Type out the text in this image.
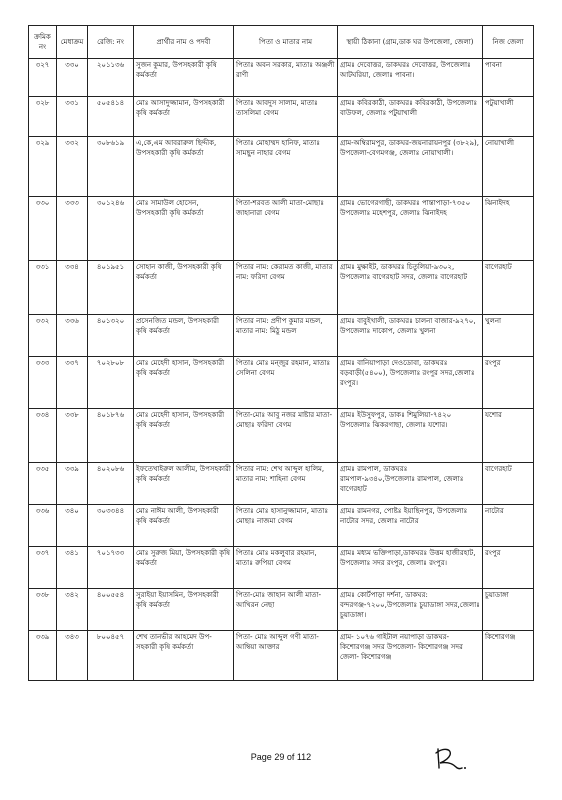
ক্রমিক নং	মেধাক্রম	রেজি: নং	প্রার্থীর নাম ও পদবী	পিতা ও মাতার নাম	স্থায়ী ঠিকানা (গ্রাম,ডাক ঘর উপজেলা, জেলা)	নিজ জেলা
৩২৭	৩৩০	২০১১৩৬	সুজন কুমার, উপসহকারী কৃষি কর্মকর্তা	পিতাঃ অবন সরকার, মাতাঃ অঞ্জলী রাণী	গ্রামঃ দেবোত্তর, ডাকঘরঃ দেবোত্তর, উপজেলাঃ আটঘরিয়া, জেলাঃ পাবনা।	পাবনা
৩২৮	৩৩১	৫০৫৪১৪	মোঃ আসাদুজ্জামান, উপসহকারী কৃষি কর্মকর্তা	পিতাঃ আবদুস সালাম, মাতাঃ তাসলিমা বেগম	গ্রামঃ কবিরকাঠী, ডাকঘরঃ কবিরকাঠী, উপজেলাঃ বাউফল, জেলাঃ পটুয়াখালী	পটুয়াখালী
৩২৯	৩৩২	৩০৮৬১৯	এ,কে,এম আবরারুল ছিদ্দীক, উপসহকারী কৃষি কর্মকর্তা	পিতাঃ মোহাম্মদ হানিফ, মাতাঃ সামছুন নাহার বেগম	গ্রাম-অম্বিরামপুর, ডাকঘর-জয়নারায়নপুর (৩৮২৯), উপজেলা-বেগমগঞ্জ, জেলাঃ নোয়াখালী।	নোয়াখালী
৩৩০	৩৩৩	৩০১২৪৬	মোঃ সামাউল হোসেন, উপসহকারী কৃষি কর্মকর্তা	পিতা-শরবত আলী মাতা-মোছাঃ জাহানারা বেগম	গ্রামঃ ভোগেরগাছী, ডাকঘরঃ পান্তাপাড়া-৭৩৫০ উপজেলাঃ মহেশপুর, জেলাঃ ঝিনাইদহ	ঝিনাইদহ
৩৩১	৩৩৪	৪০১৯৫১	সোহান কাজী, উপসহকারী কৃষি কর্মকর্তা	পিতার নাম: কেরামত কাজী, মাতার নাম: ফরিদা বেগম	গ্রামঃ মুক্ষাইট, ডাকঘরঃ চিতুলিয়া-৯৩০২, উপজেলাঃ বাগেরহাট সদর, জেলাঃ বাগেরহাট	বাগেরহাট
৩৩২	৩৩৬	৪০১৩২০	প্রসেনজিত মন্ডল, উপসহকারী কৃষি কর্মকর্তা	পিতার নাম: প্রদীপ কুমার মন্ডল, মাতার নাম: মিঠু মন্ডল	গ্রামঃ বাবুইখালী, ডাকঘরঃ চালনা বাজার-৯২৭০, উপজেলাঃ দাকোপ, জেলাঃ খুলনা	খুলনা
৩৩৩	৩৩৭	৭০২৮০৮	মোঃ মেহেদী হাসান, উপসহকারী কৃষি কর্মকর্তা	পিতাঃ মোঃ মন্জুর রহমান, মাতাঃ সেলিনা বেগম	গ্রামঃ বানিয়াপাড়া দেওডোবা, ডাকঘরঃ বড়বাড়ী(৫৪০০), উপজেলাঃ রংপুর সদর,জেলাঃ রংপুর।	রংপুর
৩৩৪	৩৩৮	৪০১৮৭৬	মোঃ মেহেদী হাসান, উপসহকারী কৃষি কর্মকর্তা	পিতা-মোঃ আবু নজর মাষ্টার মাতা-মোছাঃ ফরিদা বেগম	গ্রামঃ ইউসুফপুর, ডাকঃ শিমুলিয়া-৭৪২০ উপজেলাঃ ঝিকরগাছা, জেলাঃ যশোর।	যশোর
৩৩৫	৩৩৯	৪০২০৮৬	ইফতেখাইরুল আলীম, উপসহকারী কৃষি কর্মকর্তা	পিতার নাম: শেখ আব্দুল হালিম, মাতার নাম: শাহিনা বেগম	গ্রামঃ রামপাল, ডাকঘরঃ রামপাল-৯৩৪০,উপজেলাঃ রামপাল, জেলাঃ বাগেরহাট	বাগেরহাট
৩৩৬	৩৪০	৩০৩৩৪৪	মোঃ নাঈম আলী, উপসহকারী কৃষি কর্মকর্তা	পিতাঃ মোঃ হাসানুজ্জামান, মাতাঃ মোছাঃ নাজমা বেগম	গ্রামঃ রামনগর, পোষ্টঃ ইয়াছিনপুর, উপজেলাঃ নাটোর সদর, জেলাঃ নাটোর	নাটোর
৩৩৭	৩৪১	৭০১৭৩৩	মোঃ সুরুজ মিয়া, উপসহকারী কৃষি কর্মকর্তা	পিতাঃ মোঃ মকলুবার রহমান, মাতাঃ রুপিয়া বেগম	গ্রামঃ মধ্যম ভক্তিপাড়া,ডাকঘরঃ উত্তম হাজীরহাট, উপজেলাঃ সদর রংপুর, জেলাঃ রংপুর।	রংপুর
৩৩৮	৩৪২	৪০০৫৫৪	সুরাইয়া ইয়াসমিন, উপসহকারী কৃষি কর্মকর্তা	পিতা-মোঃ জাহান আলী মাতা-আখিরন নেছা	গ্রামঃ কোর্টপাড়া দর্শনা, ডাকঘর: বন্দরগঞ্জ-৭২০০,উপজেলাঃ চুয়াডাঙ্গা সদর,জেলাঃ চুয়াডাঙ্গা।	চুয়াডাঙ্গা
৩৩৯	৩৪৩	৮০০৪৫৭	শেখ তানভীর আহমেদ উপ-সহকারী কৃষি কর্মকর্তা	পিতা- মোঃ আব্দুল গণী মাতা- আম্বিয়া আক্তার	গ্রাম- ১০৭৬ গাইটাল নয়াপাড়া ডাকঘর- কিশোরগঞ্জ সদর উপজেলা- কিশোরগঞ্জ সদর জেলা- কিশোরগঞ্জ	কিশোরগঞ্জ
Page 29 of 112
